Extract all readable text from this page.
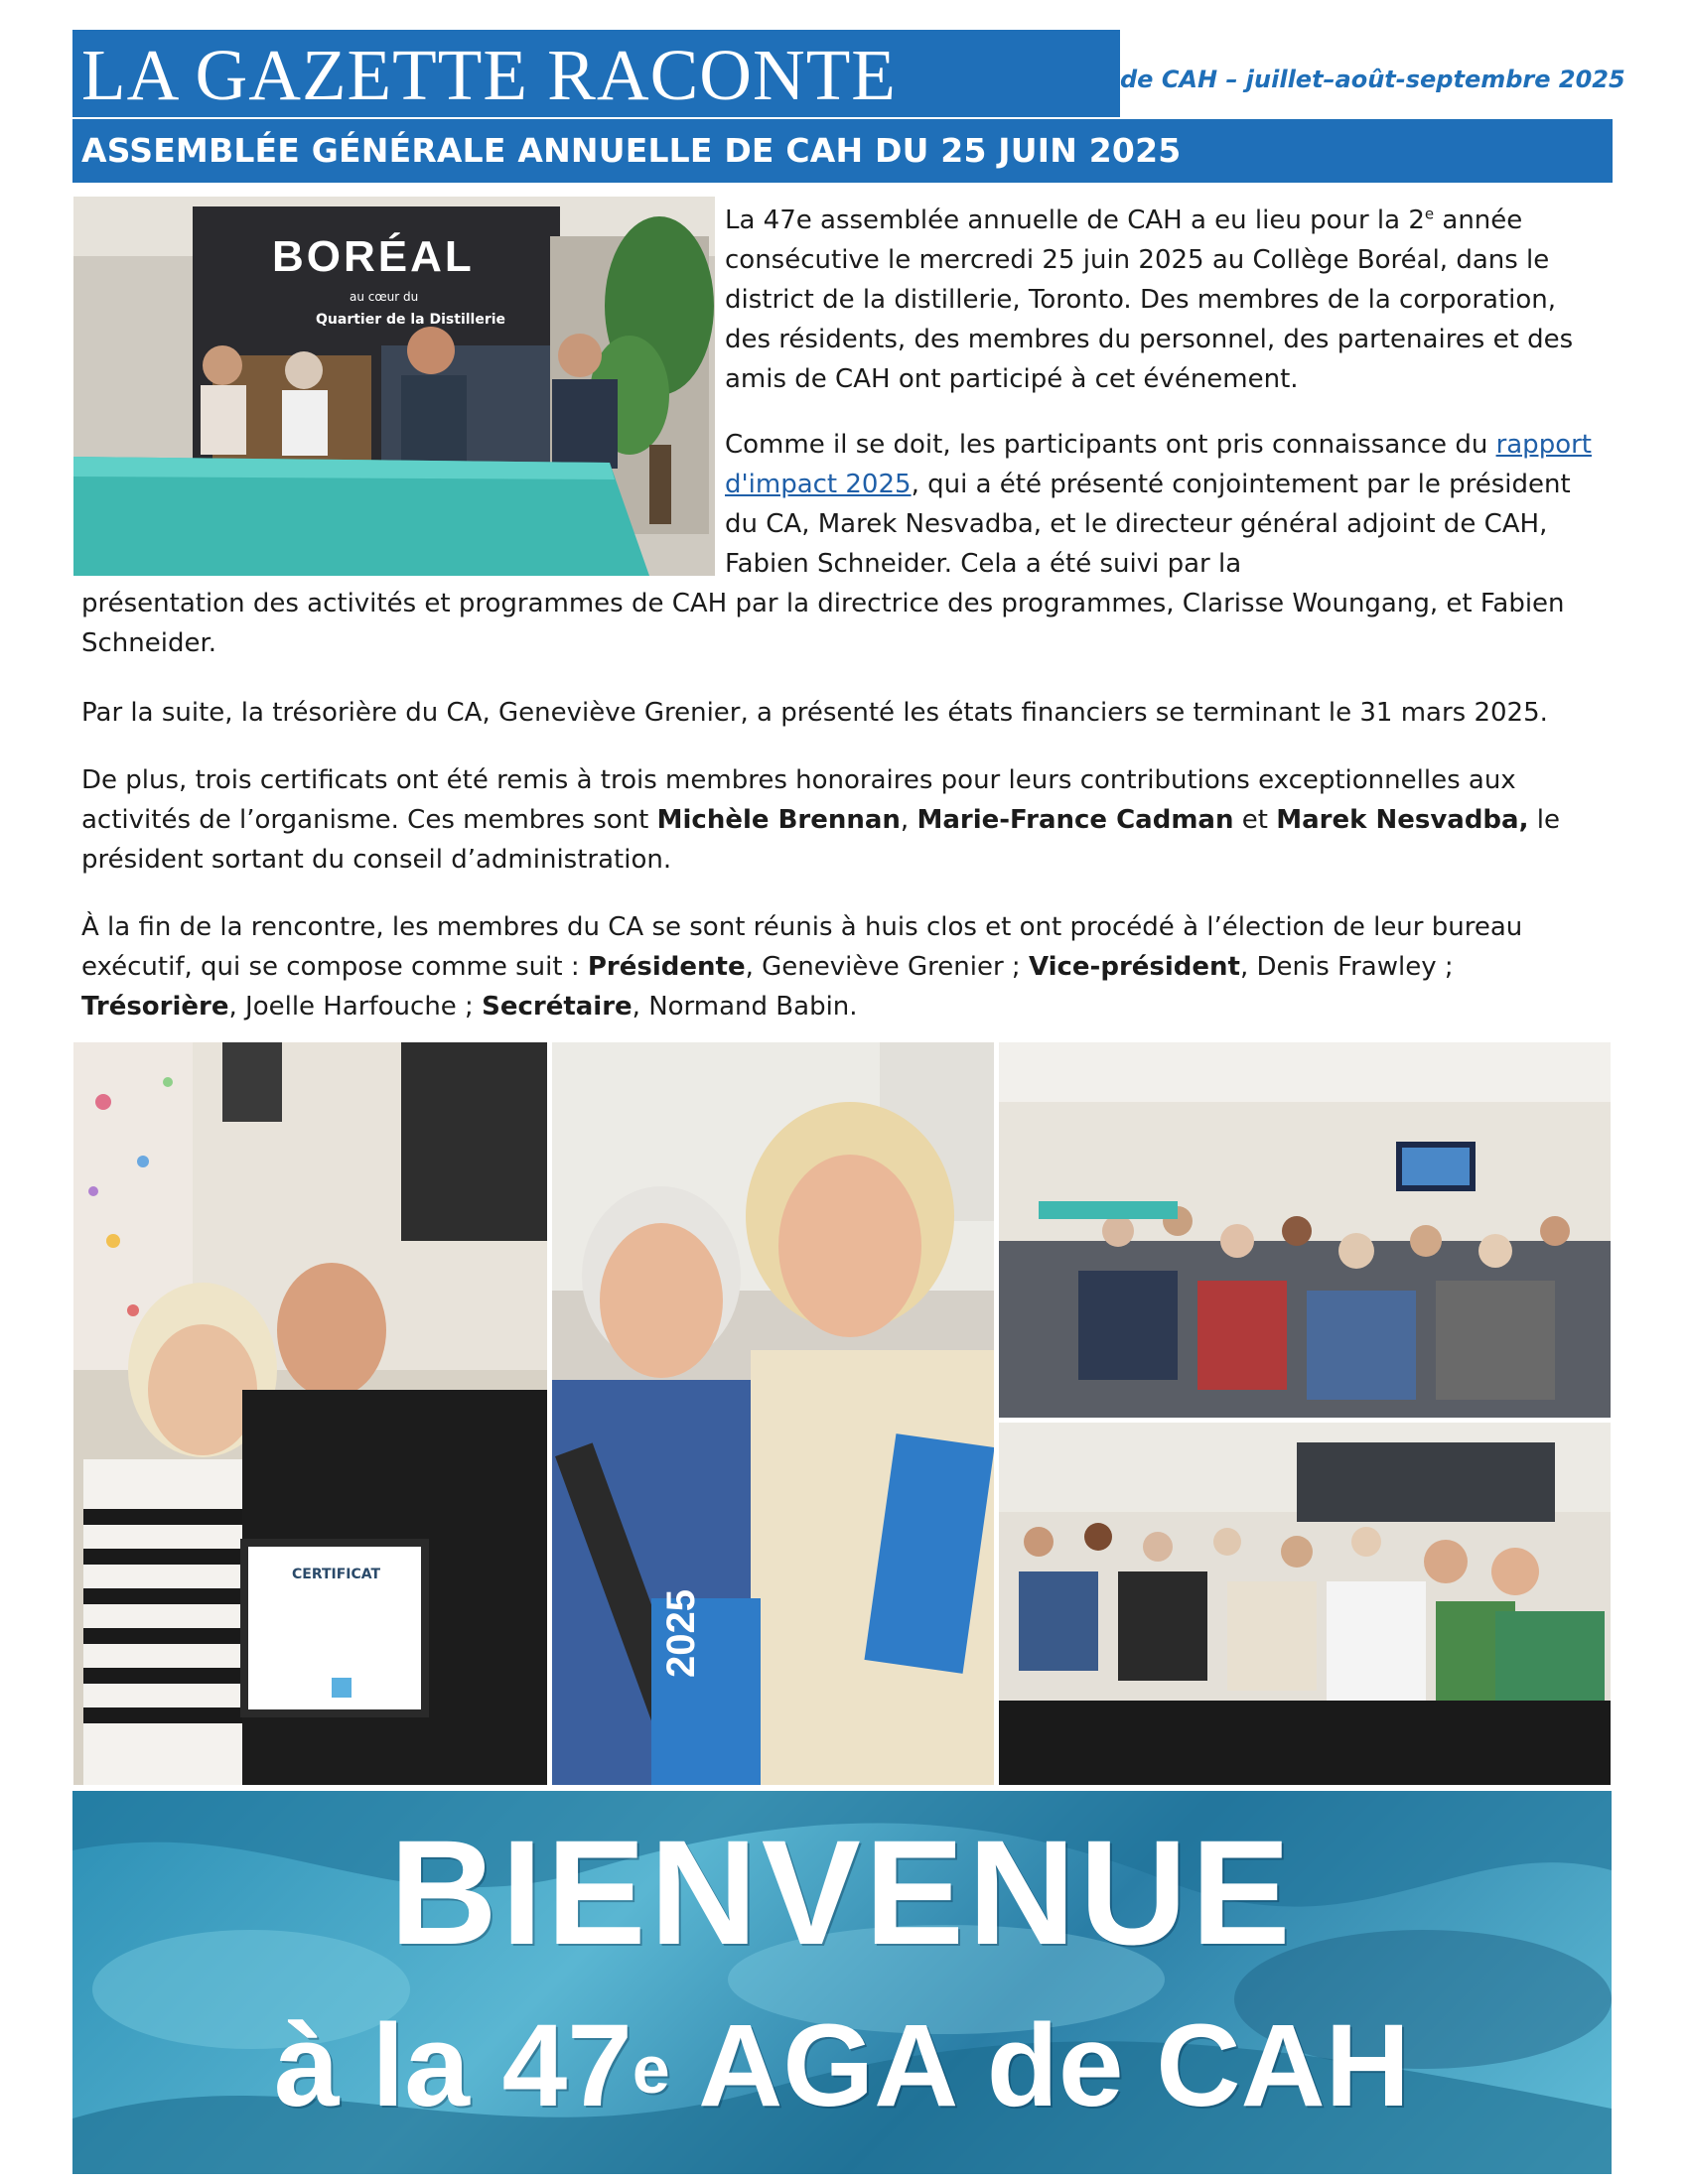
LA GAZETTE RACONTE	de CAH – juillet–août-septembre 2025
ASSEMBLÉE GÉNÉRALE ANNUELLE DE CAH DU 25 JUIN 2025
BORÉAL
au cœur du
Quartier de la Distillerie
La 47e assemblée annuelle de CAH a eu lieu pour la 2e année consécutive le mercredi 25 juin 2025 au Collège Boréal, dans le district de la distillerie, Toronto. Des membres de la corporation, des résidents, des membres du personnel, des partenaires et des amis de CAH ont participé à cet événement.
Comme il se doit, les participants ont pris connaissance du rapport d'impact 2025, qui a été présenté conjointement par le président du CA, Marek Nesvadba, et le directeur général adjoint de CAH, Fabien Schneider. Cela a été suivi par la
présentation des activités et programmes de CAH par la directrice des programmes, Clarisse Woungang, et Fabien Schneider.
Par la suite, la trésorière du CA, Geneviève Grenier, a présenté les états financiers se terminant le 31 mars 2025.
De plus, trois certificats ont été remis à trois membres honoraires pour leurs contributions exceptionnelles aux activités de l’organisme. Ces membres sont Michèle Brennan, Marie-France Cadman et Marek Nesvadba, le président sortant du conseil d’administration.
À la fin de la rencontre, les membres du CA se sont réunis à huis clos et ont procédé à l’élection de leur bureau exécutif, qui se compose comme suit : Présidente, Geneviève Grenier ; Vice-président, Denis Frawley ; Trésorière, Joelle Harfouche ; Secrétaire, Normand Babin.
CERTIFICAT
2025
BIENVENUE
à la 47e AGA de CAH
